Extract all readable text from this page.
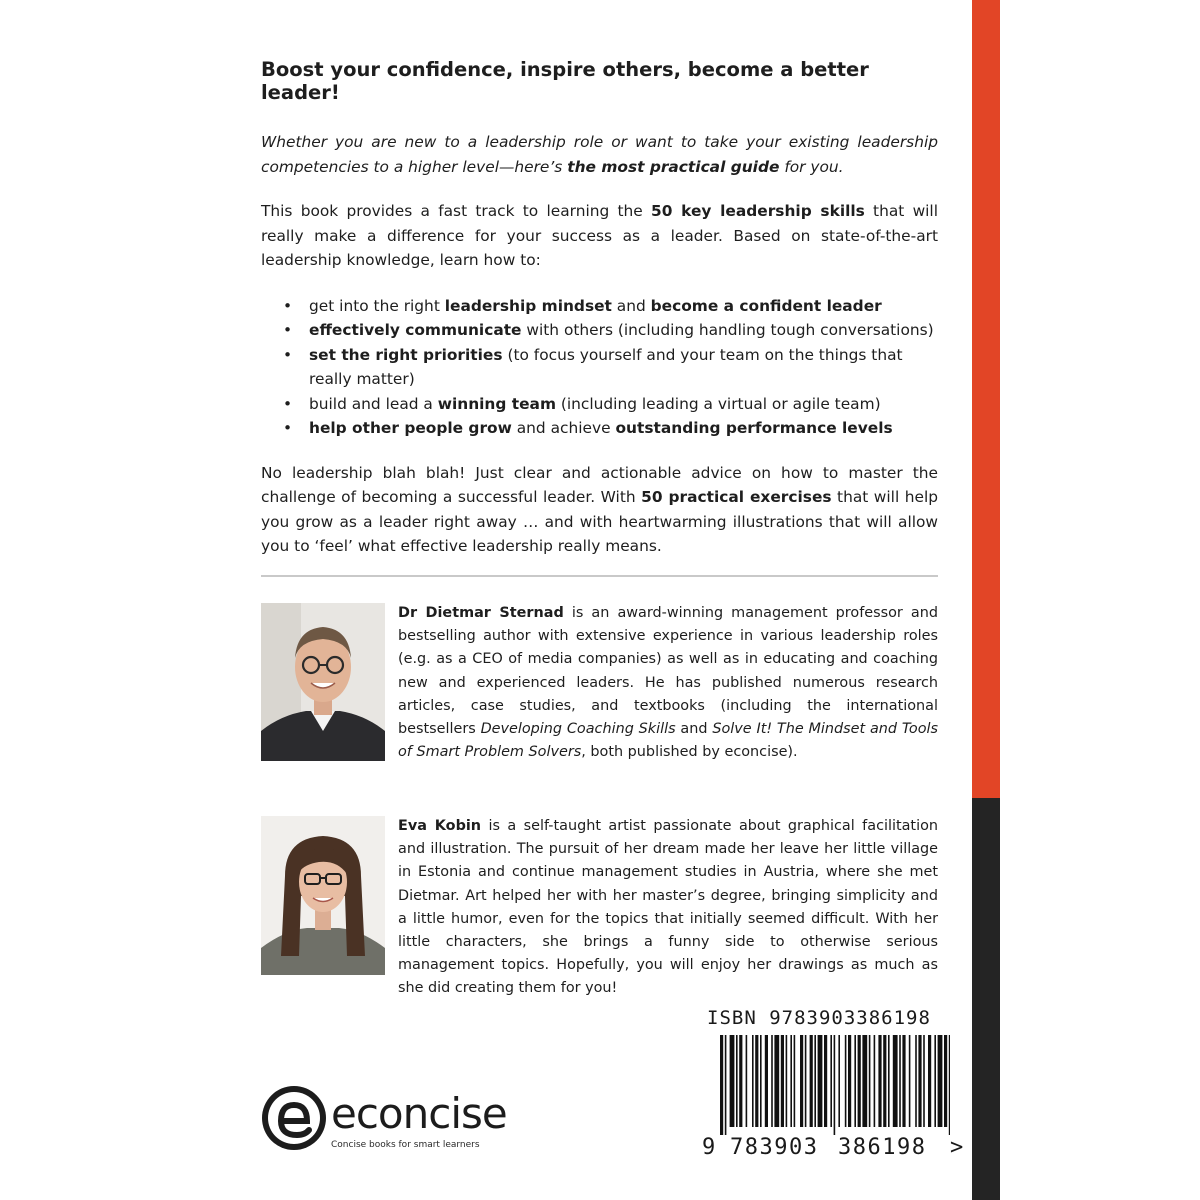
Boost your confidence, inspire others, become a better leader!

Whether you are new to a leadership role or want to take your existing leadership competencies to a higher level—here’s the most practical guide for you.

This book provides a fast track to learning the 50 key leadership skills that will really make a difference for your success as a leader. Based on state-of-the-art leadership knowledge, learn how to:

• get into the right leadership mindset and become a confident leader
• effectively communicate with others (including handling tough conversations)
• set the right priorities (to focus yourself and your team on the things that really matter)
• build and lead a winning team (including leading a virtual or agile team)
• help other people grow and achieve outstanding performance levels

No leadership blah blah! Just clear and actionable advice on how to master the challenge of becoming a successful leader. With 50 practical exercises that will help you grow as a leader right away … and with heartwarming illustrations that will allow you to ‘feel’ what effective leadership really means.

Dr Dietmar Sternad is an award-winning management professor and bestselling author with extensive experience in various leadership roles (e.g. as a CEO of media companies) as well as in educating and coaching new and experienced leaders. He has published numerous research articles, case studies, and textbooks (including the international bestsellers Developing Coaching Skills and Solve It! The Mindset and Tools of Smart Problem Solvers, both published by econcise).

Eva Kobin is a self-taught artist passionate about graphical facilitation and illustration. The pursuit of her dream made her leave her little village in Estonia and continue management studies in Austria, where she met Dietmar. Art helped her with her master’s degree, bringing simplicity and a little humor, even for the topics that initially seemed difficult. With her little characters, she brings a funny side to otherwise serious management topics. Hopefully, you will enjoy her drawings as much as she did creating them for you!

ISBN 9783903386198
9 783903 386198 >
econcise
Concise books for smart learners
